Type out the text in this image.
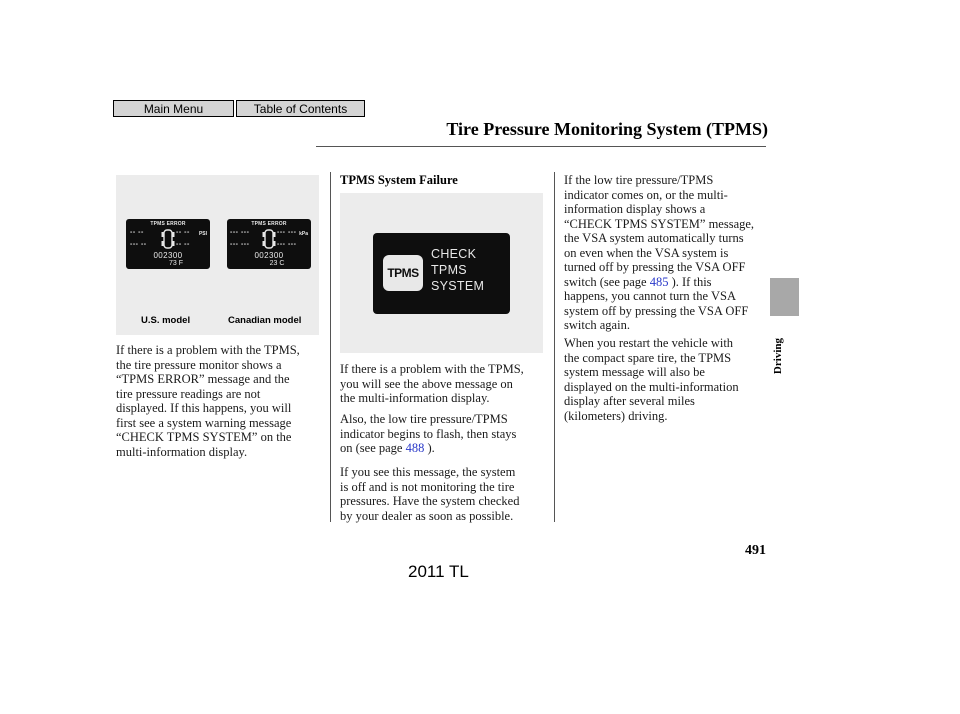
Main Menu	Table of Contents
Tire Pressure Monitoring System (TPMS)
TPMS ERROR
-- --	-- --
--- --	-- --
PSI
002300
73 F
TPMS ERROR
--- ---	--- ---
--- ---	--- ---
kPa
002300
23 C
U.S. model	Canadian model
TPMS
CHECK
TPMS
SYSTEM
TPMS System Failure

If there is a problem with the TPMS,
the tire pressure monitor shows a
“TPMS ERROR” message and the
tire pressure readings are not
displayed. If this happens, you will
first see a system warning message
“CHECK TPMS SYSTEM” on the
multi-information display.

If there is a problem with the TPMS,
you will see the above message on
the multi-information display.

Also, the low tire pressure/TPMS
indicator begins to flash, then stays
on (see page 488 ).

If you see this message, the system
is off and is not monitoring the tire
pressures. Have the system checked
by your dealer as soon as possible.

If the low tire pressure/TPMS
indicator comes on, or the multi-
information display shows a
“CHECK TPMS SYSTEM” message,
the VSA system automatically turns
on even when the VSA system is
turned off by pressing the VSA OFF
switch (see page 485 ). If this
happens, you cannot turn the VSA
system off by pressing the VSA OFF
switch again.

When you restart the vehicle with
the compact spare tire, the TPMS
system message will also be
displayed on the multi-information
display after several miles
(kilometers) driving.

Driving
491
2011 TL
